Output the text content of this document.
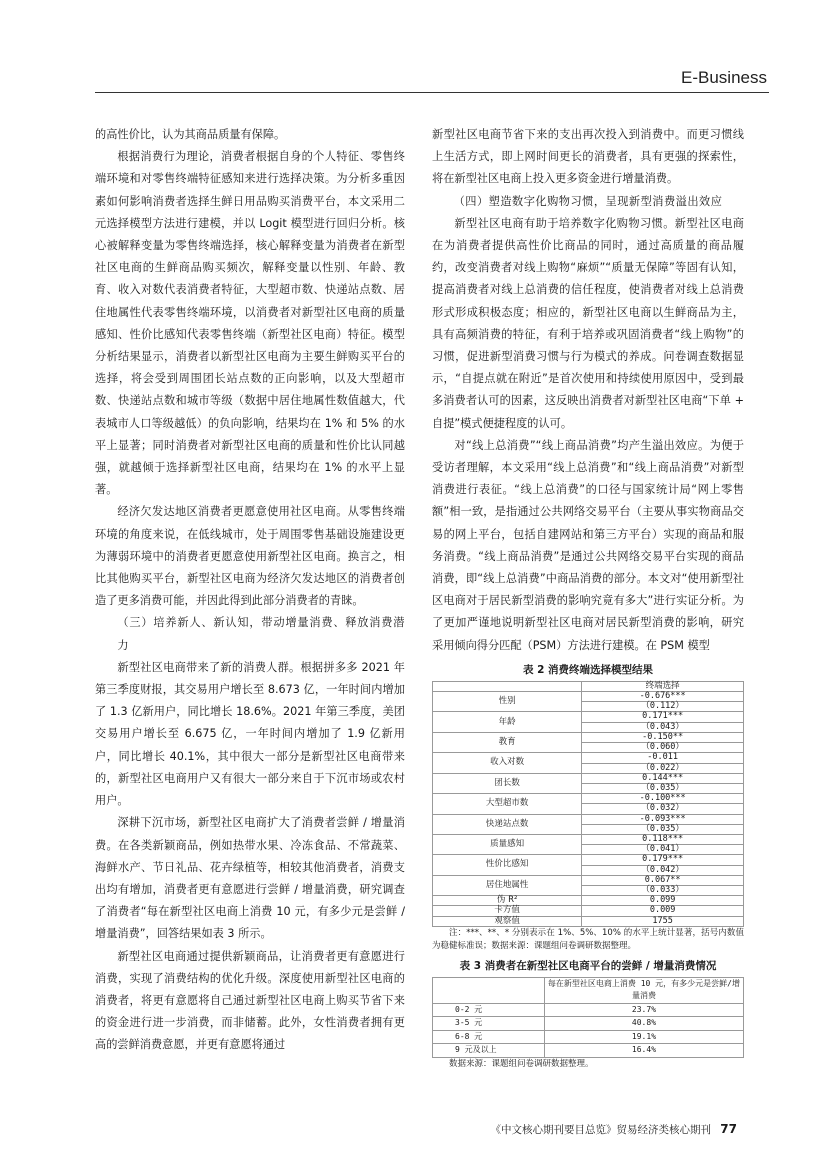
E-Business

的高性价比，认为其商品质量有保障。

根据消费行为理论，消费者根据自身的个人特征、零售终端环境和对零售终端特征感知来进行选择决策。为分析多重因素如何影响消费者选择生鲜日用品购买消费平台，本文采用二元选择模型方法进行建模，并以 Logit 模型进行回归分析。核心被解释变量为零售终端选择，核心解释变量为消费者在新型社区电商的生鲜商品购买频次，解释变量以性别、年龄、教育、收入对数代表消费者特征，大型超市数、快递站点数、居住地属性代表零售终端环境，以消费者对新型社区电商的质量感知、性价比感知代表零售终端（新型社区电商）特征。模型分析结果显示，消费者以新型社区电商为主要生鲜购买平台的选择，将会受到周围团长站点数的正向影响，以及大型超市数、快递站点数和城市等级（数据中居住地属性数值越大，代表城市人口等级越低）的负向影响，结果均在 1% 和 5% 的水平上显著；同时消费者对新型社区电商的质量和性价比认同越强，就越倾于选择新型社区电商，结果均在 1% 的水平上显著。

经济欠发达地区消费者更愿意使用社区电商。从零售终端环境的角度来说，在低线城市，处于周围零售基础设施建设更为薄弱环境中的消费者更愿意使用新型社区电商。换言之，相比其他购买平台，新型社区电商为经济欠发达地区的消费者创造了更多消费可能，并因此得到此部分消费者的青睐。

（三）培养新人、新认知，带动增量消费、释放消费潜力

新型社区电商带来了新的消费人群。根据拼多多 2021 年第三季度财报，其交易用户增长至 8.673 亿，一年时间内增加了 1.3 亿新用户，同比增长 18.6%。2021 年第三季度，美团交易用户增长至 6.675 亿，一年时间内增加了 1.9 亿新用户，同比增长 40.1%，其中很大一部分是新型社区电商带来的，新型社区电商用户又有很大一部分来自于下沉市场或农村用户。

深耕下沉市场，新型社区电商扩大了消费者尝鲜 / 增量消费。在各类新颖商品，例如热带水果、冷冻食品、不常蔬菜、海鲜水产、节日礼品、花卉绿植等，相较其他消费者，消费支出均有增加，消费者更有意愿进行尝鲜 / 增量消费，研究调查了消费者“每在新型社区电商上消费 10 元，有多少元是尝鲜 / 增量消费”，回答结果如表 3 所示。

新型社区电商通过提供新颖商品，让消费者更有意愿进行消费，实现了消费结构的优化升级。深度使用新型社区电商的消费者，将更有意愿将自己通过新型社区电商上购买节省下来的资金进行进一步消费，而非储蓄。此外，女性消费者拥有更高的尝鲜消费意愿，并更有意愿将通过

新型社区电商节省下来的支出再次投入到消费中。而更习惯线上生活方式，即上网时间更长的消费者，具有更强的探索性，将在新型社区电商上投入更多资金进行增量消费。

（四）塑造数字化购物习惯，呈现新型消费溢出效应

新型社区电商有助于培养数字化购物习惯。新型社区电商在为消费者提供高性价比商品的同时，通过高质量的商品履约，改变消费者对线上购物“麻烦”“质量无保障”等固有认知，提高消费者对线上总消费的信任程度，使消费者对线上总消费形式形成积极态度；相应的，新型社区电商以生鲜商品为主，具有高频消费的特征，有利于培养或巩固消费者“线上购物”的习惯，促进新型消费习惯与行为模式的养成。问卷调查数据显示，“自提点就在附近”是首次使用和持续使用原因中，受到最多消费者认可的因素，这反映出消费者对新型社区电商“下单 + 自提”模式便捷程度的认可。

对“线上总消费”“线上商品消费”均产生溢出效应。为便于受访者理解，本文采用“线上总消费”和“线上商品消费”对新型消费进行表征。“线上总消费”的口径与国家统计局“网上零售额”相一致，是指通过公共网络交易平台（主要从事实物商品交易的网上平台，包括自建网站和第三方平台）实现的商品和服务消费。“线上商品消费”是通过公共网络交易平台实现的商品消费，即“线上总消费”中商品消费的部分。本文对“使用新型社区电商对于居民新型消费的影响究竟有多大”进行实证分析。为了更加严谨地说明新型社区电商对居民新型消费的影响，研究采用倾向得分匹配（PSM）方法进行建模。在 PSM 模型

表 2 消费终端选择模型结果
	终端选择
性别	-0.676***
	（0.112）
年龄	0.171***
	（0.043）
教育	-0.150**
	（0.060）
收入对数	-0.011
	（0.022）
团长数	0.144***
	（0.035）
大型超市数	-0.100***
	（0.032）
快递站点数	-0.093***
	（0.035）
质量感知	0.118***
	（0.041）
性价比感知	0.179***
	（0.042）
居住地属性	0.067**
	（0.033）
伪 R²	0.099
卡方值	0.009
观察值	1755

注：***、**、* 分别表示在 1%、5%、10% 的水平上统计显著，括号内数值为稳健标准误；数据来源：课题组问卷调研数据整理。

表 3 消费者在新型社区电商平台的尝鲜 / 增量消费情况
	每在新型社区电商上消费 10 元，有多少元是尝鲜/增量消费
0-2 元	23.7%
3-5 元	40.8%
6-8 元	19.1%
9 元及以上	16.4%

数据来源：课题组问卷调研数据整理。

《中文核心期刊要目总览》贸易经济类核心期刊 77
